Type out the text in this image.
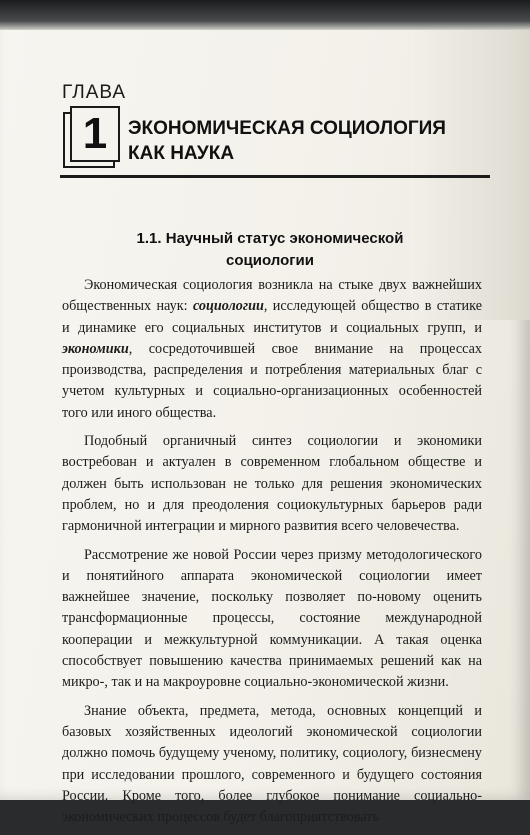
ГЛАВА
1	ЭКОНОМИЧЕСКАЯ СОЦИОЛОГИЯ
КАК НАУКА
1.1. Научный статус экономической
социологии

Экономическая социология возникла на стыке двух важнейших общественных наук: социологии, исследующей общество в статике и динамике его социальных институтов и социальных групп, и экономики, сосредоточившей свое внимание на процессах производства, распределения и потребления материальных благ с учетом культурных и социально-организационных особенностей того или иного общества.

Подобный органичный синтез социологии и экономики востребован и актуален в современном глобальном обществе и должен быть использован не только для решения экономических проблем, но и для преодоления социокультурных барьеров ради гармоничной интеграции и мирного развития всего человечества.

Рассмотрение же новой России через призму методологического и понятийного аппарата экономической социологии имеет важнейшее значение, поскольку позволяет по-новому оценить трансформационные процессы, состояние международной кооперации и межкультурной коммуникации. А такая оценка способствует повышению качества принимаемых решений как на микро-, так и на макроуровне социально-экономической жизни.

Знание объекта, предмета, метода, основных концепций и базовых хозяйственных идеологий экономической социологии должно помочь будущему ученому, политику, социологу, бизнесмену при исследовании прошлого, современного и будущего состояния России. Кроме того, более глубокое понимание социально-экономических процессов будет благоприятствовать
